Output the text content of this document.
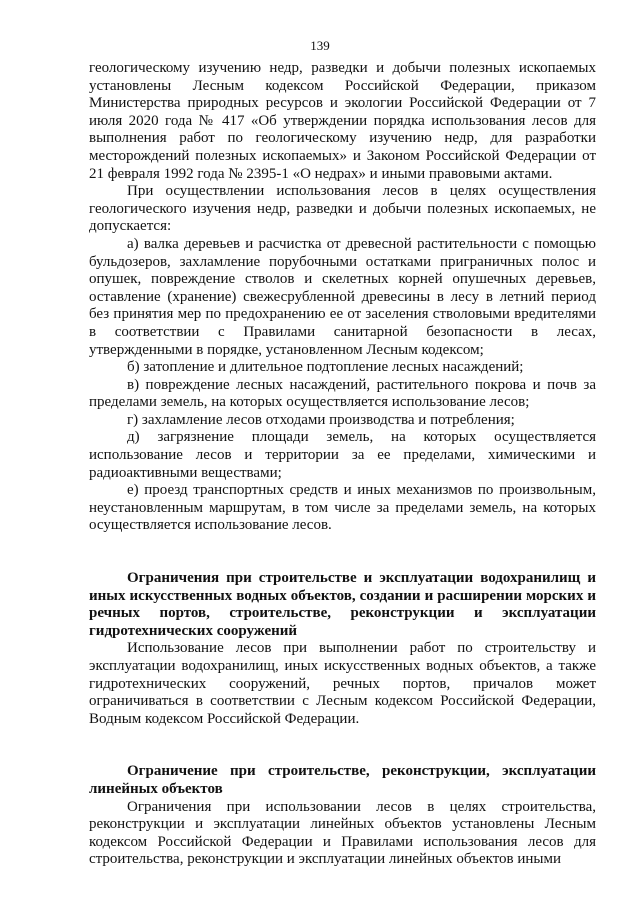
139

геологическому изучению недр, разведки и добычи полезных ископаемых установлены Лесным кодексом Российской Федерации, приказом Министерства природных ресурсов и экологии Российской Федерации от 7 июля 2020 года № 417 «Об утверждении порядка использования лесов для выполнения работ по геологическому изучению недр, для разработки месторождений полезных ископаемых» и Законом Российской Федерации от 21 февраля 1992 года № 2395-1 «О недрах» и иными правовыми актами.

При осуществлении использования лесов в целях осуществления геологического изучения недр, разведки и добычи полезных ископаемых, не допускается:

а) валка деревьев и расчистка от древесной растительности с помощью бульдозеров, захламление порубочными остатками приграничных полос и опушек, повреждение стволов и скелетных корней опушечных деревьев, оставление (хранение) свежесрубленной древесины в лесу в летний период без принятия мер по предохранению ее от заселения стволовыми вредителями в соответствии с Правилами санитарной безопасности в лесах, утвержденными в порядке, установленном Лесным кодексом;

б) затопление и длительное подтопление лесных насаждений;

в) повреждение лесных насаждений, растительного покрова и почв за пределами земель, на которых осуществляется использование лесов;

г) захламление лесов отходами производства и потребления;

д) загрязнение площади земель, на которых осуществляется использование лесов и территории за ее пределами, химическими и радиоактивными веществами;

е) проезд транспортных средств и иных механизмов по произвольным, неустановленным маршрутам, в том числе за пределами земель, на которых осуществляется использование лесов.

Ограничения при строительстве и эксплуатации водохранилищ и иных искусственных водных объектов, создании и расширении морских и речных портов, строительстве, реконструкции и эксплуатации гидротехнических сооружений

Использование лесов при выполнении работ по строительству и эксплуатации водохранилищ, иных искусственных водных объектов, а также гидротехнических сооружений, речных портов, причалов может ограничиваться в соответствии с Лесным кодексом Российской Федерации, Водным кодексом Российской Федерации.

Ограничение при строительстве, реконструкции, эксплуатации линейных объектов

Ограничения при использовании лесов в целях строительства, реконструкции и эксплуатации линейных объектов установлены Лесным кодексом Российской Федерации и Правилами использования лесов для строительства, реконструкции и эксплуатации линейных объектов иными
